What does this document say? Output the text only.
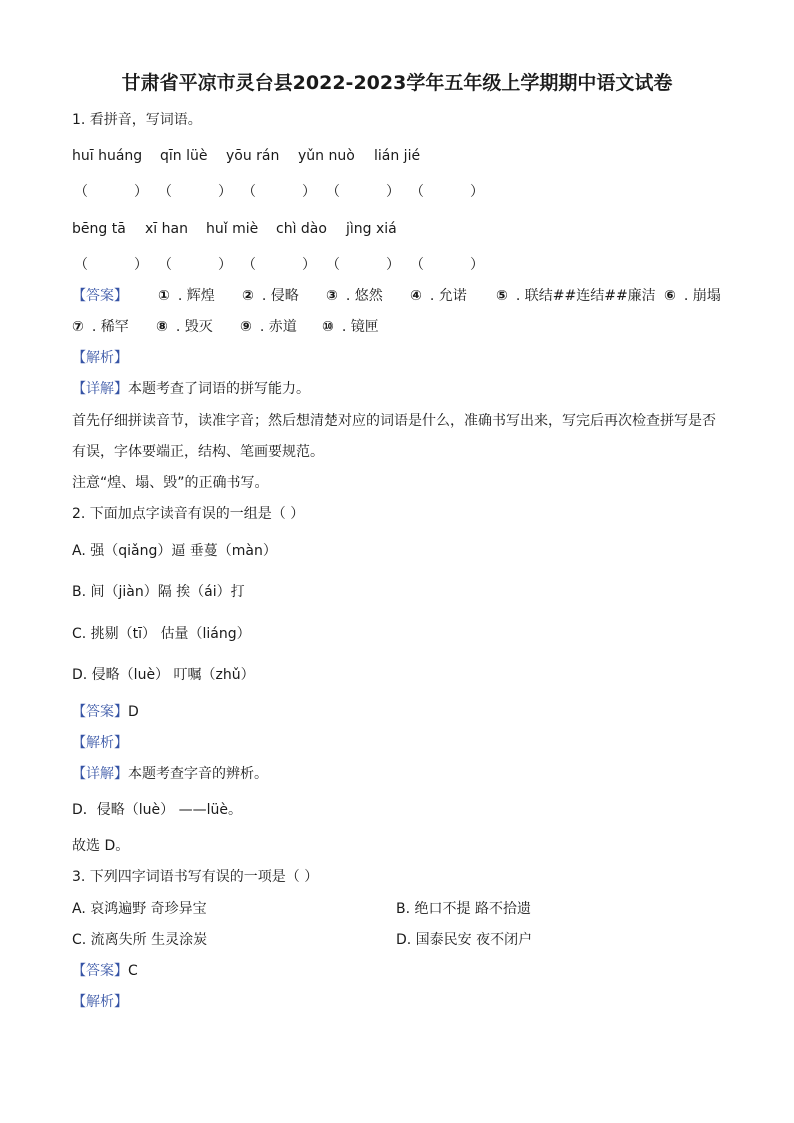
甘肃省平凉市灵台县2022-2023学年五年级上学期期中语文试卷
1. 看拼音，写词语。
huī huáng qīn lüè yōu rán yǔn nuò lián jié
（	） （	） （	） （	） （	）
bēng tā xī han huǐ miè chì dào jìng xiá
（	） （	） （	） （	） （	）
【答案】 ① . 辉煌 ② . 侵略 ③ . 悠然 ④ . 允诺 ⑤ . 联结##连结##廉洁 ⑥ . 崩塌
⑦ . 稀罕 ⑧ . 毁灭 ⑨ . 赤道 ⑩ . 镜匣
【解析】
【详解】本题考查了词语的拼写能力。
首先仔细拼读音节，读准字音；然后想清楚对应的词语是什么，准确书写出来，写完后再次检查拼写是否
有误，字体要端正，结构、笔画要规范。
注意“煌、塌、毁”的正确书写。
2. 下面加点字读音有误的一组是（ ）
A. 强（qiǎng）逼 垂蔓（màn）
B. 间（jiàn）隔 挨（ái）打
C. 挑剔（tī） 估量（liáng）
D. 侵略（luè） 叮嘱（zhǔ）
【答案】D
【解析】
【详解】本题考查字音的辨析。
D．侵略（luè） ——lüè。
故选 D。
3. 下列四字词语书写有误的一项是（ ）
A. 哀鸿遍野 奇珍异宝	B. 绝口不提 路不拾遗
C. 流离失所 生灵涂炭	D. 国泰民安 夜不闭户
【答案】C
【解析】
